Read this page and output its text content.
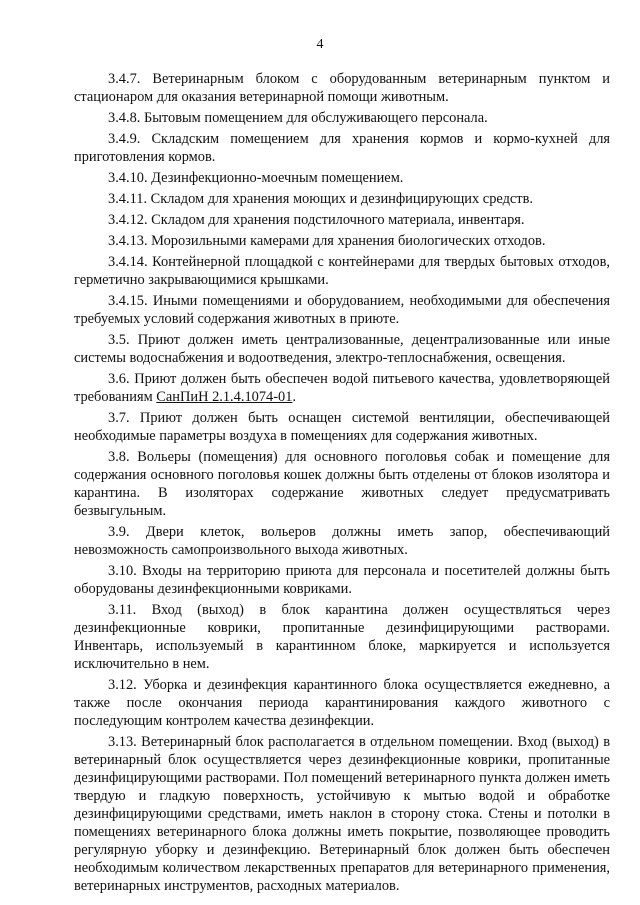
4

3.4.7. Ветеринарным блоком с оборудованным ветеринарным пунктом и стационаром для оказания ветеринарной помощи животным.

3.4.8. Бытовым помещением для обслуживающего персонала.

3.4.9. Складским помещением для хранения кормов и кормо-кухней для приготовления кормов.

3.4.10. Дезинфекционно-моечным помещением.

3.4.11. Складом для хранения моющих и дезинфицирующих средств.

3.4.12. Складом для хранения подстилочного материала, инвентаря.

3.4.13. Морозильными камерами для хранения биологических отходов.

3.4.14. Контейнерной площадкой с контейнерами для твердых бытовых отходов, герметично закрывающимися крышками.

3.4.15. Иными помещениями и оборудованием, необходимыми для обеспечения требуемых условий содержания животных в приюте.

3.5. Приют должен иметь централизованные, децентрализованные или иные системы водоснабжения и водоотведения, электро-теплоснабжения, освещения.

3.6. Приют должен быть обеспечен водой питьевого качества, удовлетворяющей требованиям СанПиН 2.1.4.1074-01.

3.7. Приют должен быть оснащен системой вентиляции, обеспечивающей необходимые параметры воздуха в помещениях для содержания животных.

3.8. Вольеры (помещения) для основного поголовья собак и помещение для содержания основного поголовья кошек должны быть отделены от блоков изолятора и карантина. В изоляторах содержание животных следует предусматривать безвыгульным.

3.9. Двери клеток, вольеров должны иметь запор, обеспечивающий невозможность самопроизвольного выхода животных.

3.10. Входы на территорию приюта для персонала и посетителей должны быть оборудованы дезинфекционными ковриками.

3.11. Вход (выход) в блок карантина должен осуществляться через дезинфекционные коврики, пропитанные дезинфицирующими растворами. Инвентарь, используемый в карантинном блоке, маркируется и используется исключительно в нем.

3.12. Уборка и дезинфекция карантинного блока осуществляется ежедневно, а также после окончания периода карантинирования каждого животного с последующим контролем качества дезинфекции.

3.13. Ветеринарный блок располагается в отдельном помещении. Вход (выход) в ветеринарный блок осуществляется через дезинфекционные коврики, пропитанные дезинфицирующими растворами. Пол помещений ветеринарного пункта должен иметь твердую и гладкую поверхность, устойчивую к мытью водой и обработке дезинфицирующими средствами, иметь наклон в сторону стока. Стены и потолки в помещениях ветеринарного блока должны иметь покрытие, позволяющее проводить регулярную уборку и дезинфекцию. Ветеринарный блок должен быть обеспечен необходимым количеством лекарственных препаратов для ветеринарного применения, ветеринарных инструментов, расходных материалов.
